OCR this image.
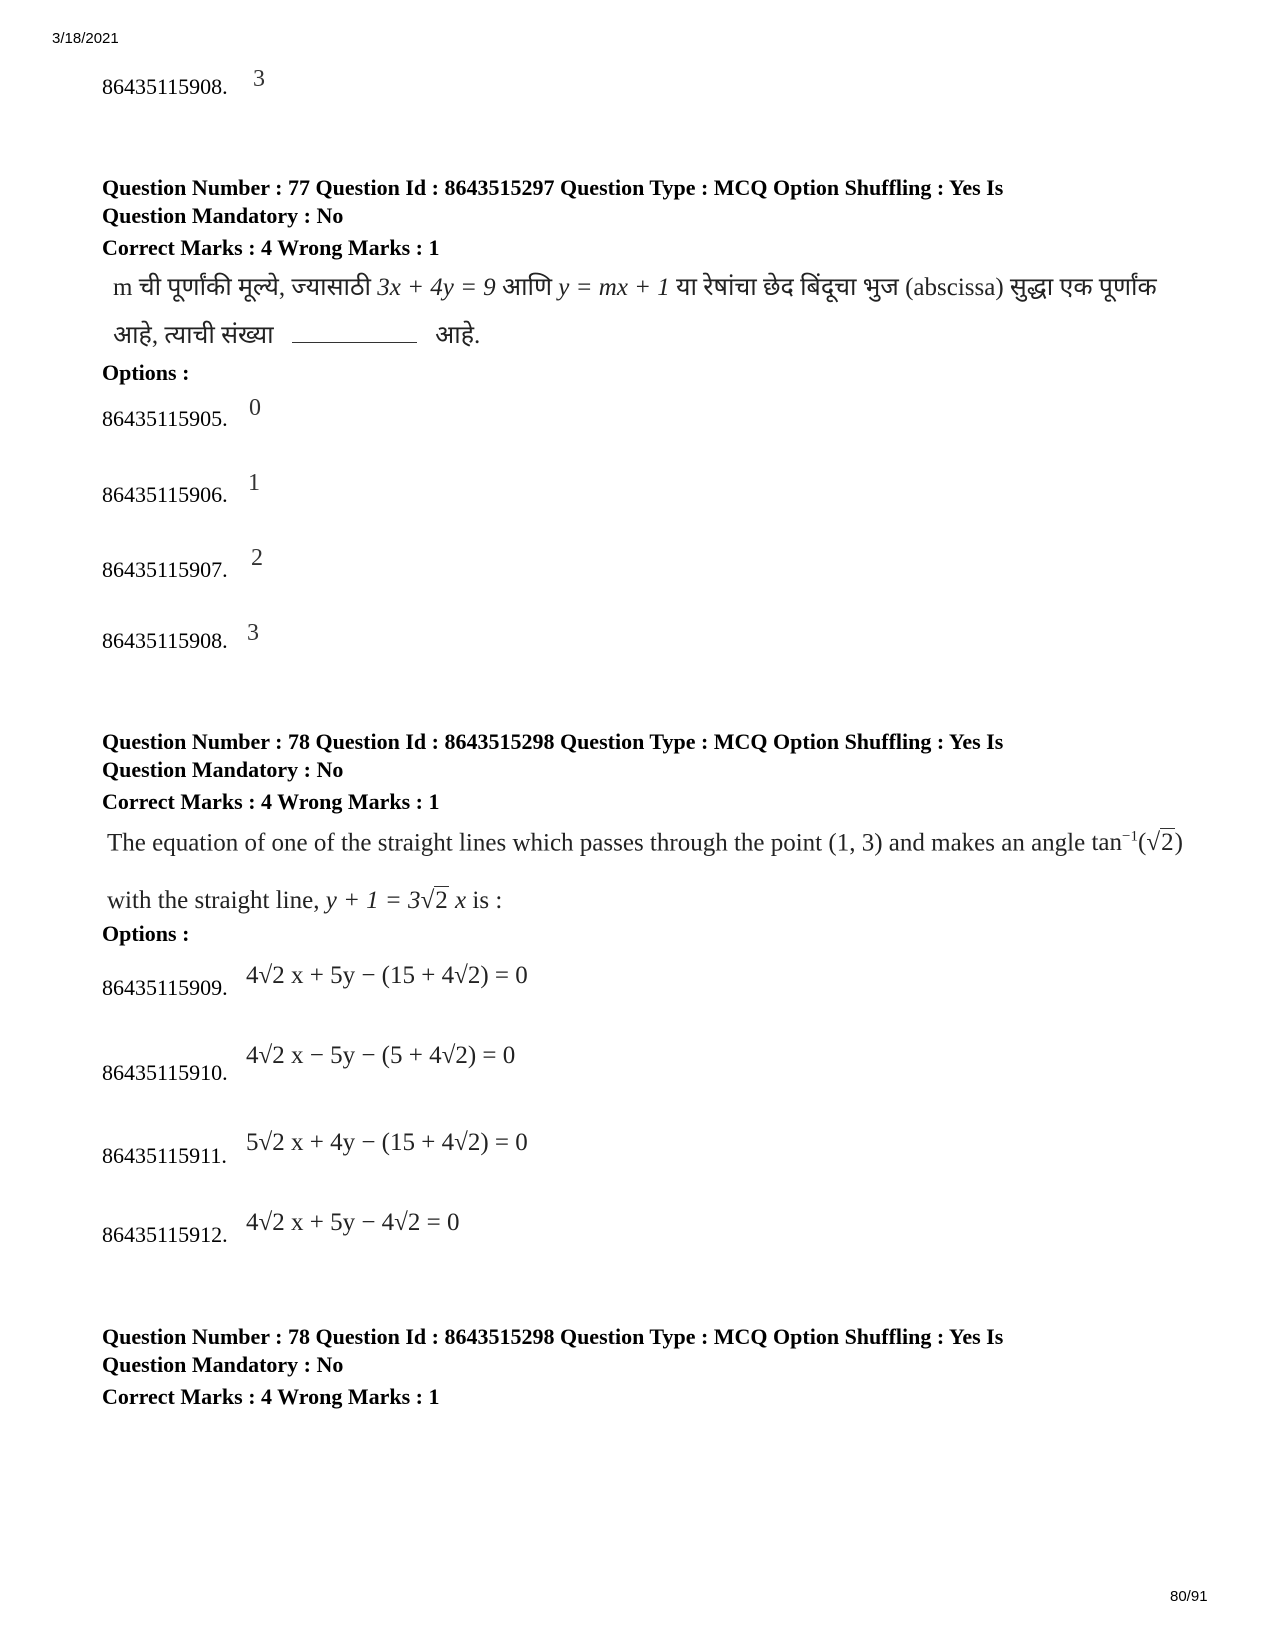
3/18/2021
86435115908. 3
Question Number : 77 Question Id : 8643515297 Question Type : MCQ Option Shuffling : Yes Is
Question Mandatory : No
Correct Marks : 4 Wrong Marks : 1
m ची पूर्णांकी मूल्ये, ज्यासाठी 3x + 4y = 9 आणि y = mx + 1 या रेषांचा छेद बिंदूचा भुज (abscissa) सुद्धा एक पूर्णांक आहे, त्याची संख्या	आहे.
Options :
86435115905. 0
86435115906. 1
86435115907. 2
86435115908. 3
Question Number : 78 Question Id : 8643515298 Question Type : MCQ Option Shuffling : Yes Is
Question Mandatory : No
Correct Marks : 4 Wrong Marks : 1
The equation of one of the straight lines which passes through the point (1, 3) and makes an angle $\tan^{-1}(√2)$ with the straight line, y + 1 = 3√2 x is :
Options :
86435115909. 4√2 x + 5y − (15 + 4√2) = 0
86435115910.
4√2 x − 5y − (5 + 4√2) = 0
86435115911. 5√2 x + 4y − (15 + 4√2) = 0
86435115912. 4√2 x + 5y − 4√2 = 0
Question Number : 78 Question Id : 8643515298 Question Type : MCQ Option Shuffling : Yes Is
Question Mandatory : No
Correct Marks : 4 Wrong Marks : 1
80/91
